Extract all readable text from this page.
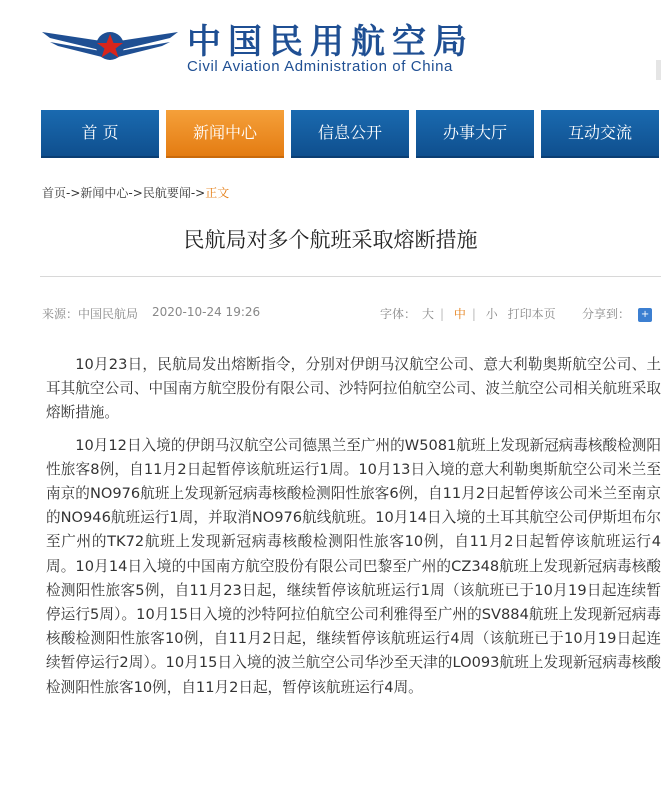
中国民用航空局
Civil Aviation Administration of China
首 页	新闻中心	信息公开	办事大厅	互动交流
首页->新闻中心->民航要闻->正文
民航局对多个航班采取熔断措施
来源：中国民航局 2020-10-24 19:26	字体： 大 | 中 | 小 打印本页	分享到： +

10月23日，民航局发出熔断指令，分别对伊朗马汉航空公司、意大利勒奥斯航空公司、土耳其航空公司、中国南方航空股份有限公司、沙特阿拉伯航空公司、波兰航空公司相关航班采取熔断措施。

10月12日入境的伊朗马汉航空公司德黑兰至广州的W5081航班上发现新冠病毒核酸检测阳性旅客8例，自11月2日起暂停该航班运行1周。10月13日入境的意大利勒奥斯航空公司米兰至南京的NO976航班上发现新冠病毒核酸检测阳性旅客6例，自11月2日起暂停该公司米兰至南京的NO946航班运行1周，并取消NO976航线航班。10月14日入境的土耳其航空公司伊斯坦布尔至广州的TK72航班上发现新冠病毒核酸检测阳性旅客10例，自11月2日起暂停该航班运行4周。10月14日入境的中国南方航空股份有限公司巴黎至广州的CZ348航班上发现新冠病毒核酸检测阳性旅客5例，自11月23日起，继续暂停该航班运行1周（该航班已于10月19日起连续暂停运行5周）。10月15日入境的沙特阿拉伯航空公司利雅得至广州的SV884航班上发现新冠病毒核酸检测阳性旅客10例，自11月2日起，继续暂停该航班运行4周（该航班已于10月19日起连续暂停运行2周）。10月15日入境的波兰航空公司华沙至天津的LO093航班上发现新冠病毒核酸检测阳性旅客10例，自11月2日起，暂停该航班运行4周。
